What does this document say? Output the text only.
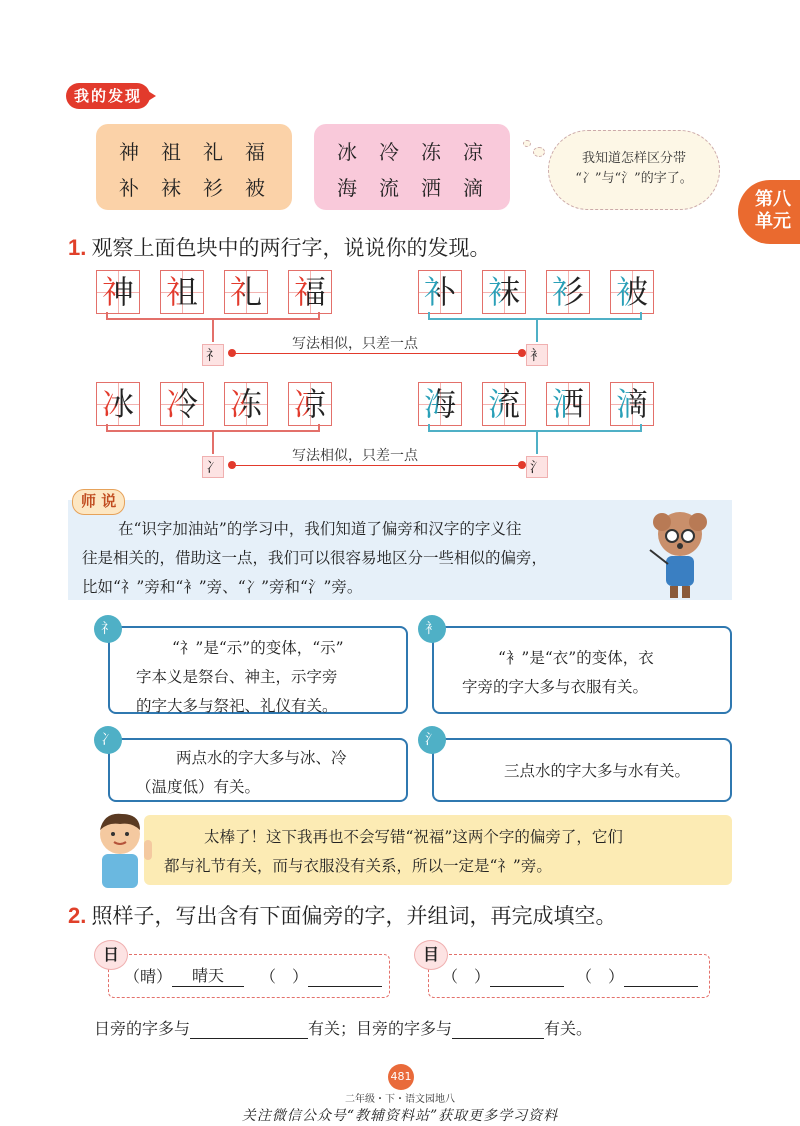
我的发现
神 祖 礼 福
补 袜 衫 被
冰 冷 冻 凉
海 流 洒 滴
我知道怎样区分带
“冫”与“氵”的字了。
第八
单元
1. 观察上面色块中的两行字，说说你的发现。
神 祖 礼 福	补 袜 衫 被
冰 冷 冻 凉	海 流 洒 滴
礻	衤
写法相似，只差一点
冫	氵
写法相似，只差一点
师 说
在“识字加油站”的学习中，我们知道了偏旁和汉字的字义往
往是相关的，借助这一点，我们可以很容易地区分一些相似的偏旁，
比如“礻”旁和“衤”旁、“冫”旁和“氵”旁。
“礻”是“示”的变体，“示”
字本义是祭台、神主，示字旁
的字大多与祭祀、礼仪有关。
礻
“衤”是“衣”的变体，衣
字旁的字大多与衣服有关。
衤
两点水的字大多与冰、冷
（温度低）有关。
冫
三点水的字大多与水有关。
氵
太棒了！这下我再也不会写错“祝福”这两个字的偏旁了，它们
都与礼节有关，而与衣服没有关系，所以一定是“礻”旁。
2. 照样子，写出含有下面偏旁的字，并组词，再完成填空。
日
（晴）	晴天	（　）
目
（　）	（　）
日旁的字多与	有关；目旁的字多与	有关。
481
二年级・下・语文园地八
关注微信公众号“教辅资料站”获取更多学习资料
